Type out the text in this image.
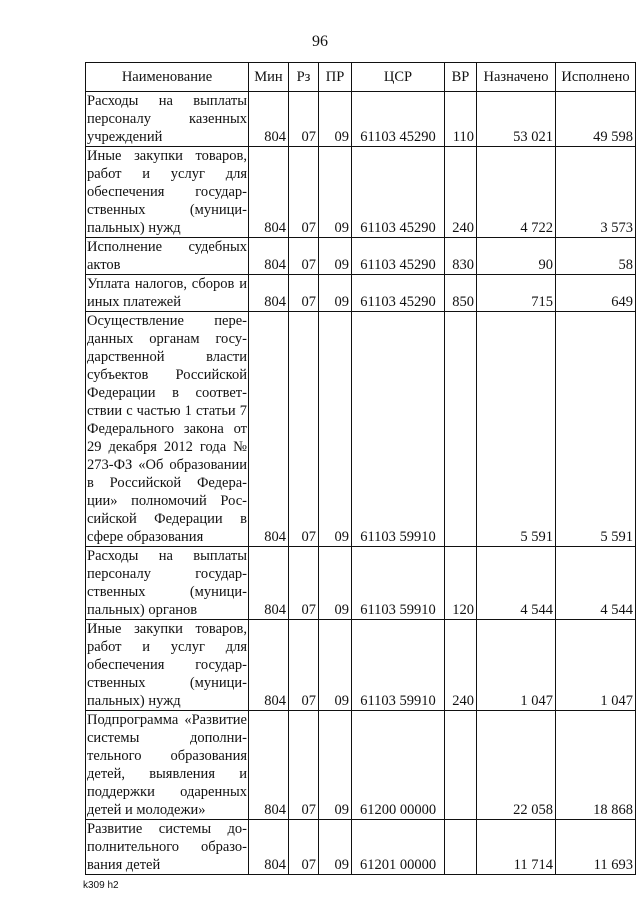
96
Наименование	Мин	Рз	ПР	ЦСР	ВР	Назначено	Исполнено
Расходы на выплаты персоналу казенных учреждений	804	07	09	61103 45290	110	53 021	49 598
Иные закупки товаров, работ и услуг для обеспечения государственных (муниципальных) нужд	804	07	09	61103 45290	240	4 722	3 573
Исполнение судебных актов	804	07	09	61103 45290	830	90	58
Уплата налогов, сборов и иных платежей	804	07	09	61103 45290	850	715	649
Осуществление переданных органам государственной власти субъектов Российской Федерации в соответствии с частью 1 статьи 7 Федерального закона от 29 декабря 2012 года № 273-ФЗ «Об образовании в Российской Федерации» полномочий Российской Федерации в сфере образования	804	07	09	61103 59910		5 591	5 591
Расходы на выплаты персоналу государственных (муниципальных) органов	804	07	09	61103 59910	120	4 544	4 544
Иные закупки товаров, работ и услуг для обеспечения государственных (муниципальных) нужд	804	07	09	61103 59910	240	1 047	1 047
Подпрограмма «Развитие системы дополнительного образования детей, выявления и поддержки одаренных детей и молодежи»	804	07	09	61200 00000		22 058	18 868
Развитие системы дополнительного образования детей	804	07	09	61201 00000		11 714	11 693
k309 h2
